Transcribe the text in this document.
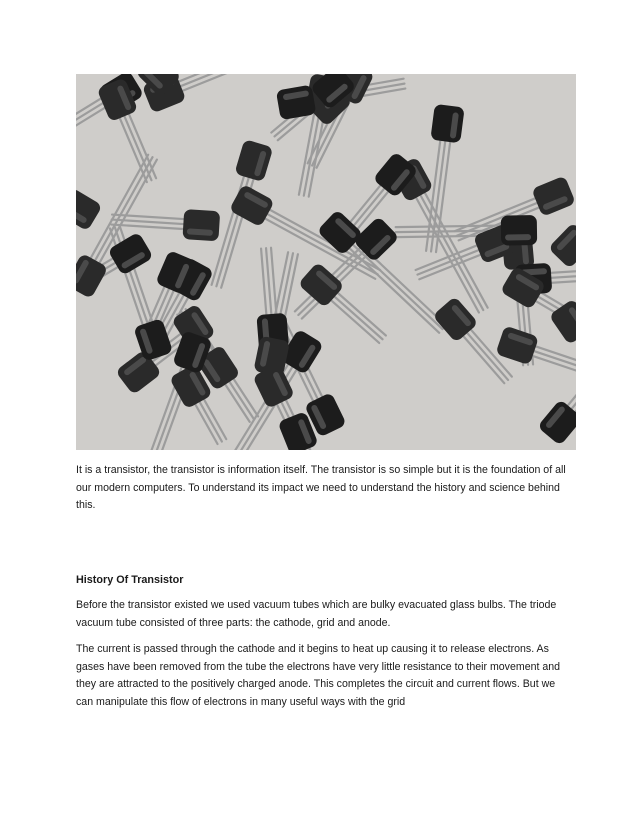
It is a transistor, the transistor is information itself. The transistor is so simple but it is the foundation of all our modern computers. To understand its impact we need to understand the history and science behind this.

History Of Transistor

Before the transistor existed we used vacuum tubes which are bulky evacuated glass bulbs. The triode vacuum tube consisted of three parts: the cathode, grid and anode.

The current is passed through the cathode and it begins to heat up causing it to release electrons. As gases have been removed from the tube the electrons have very little resistance to their movement and they are attracted to the positively charged anode. This completes the circuit and current flows. But we can manipulate this flow of electrons in many useful ways with the grid
